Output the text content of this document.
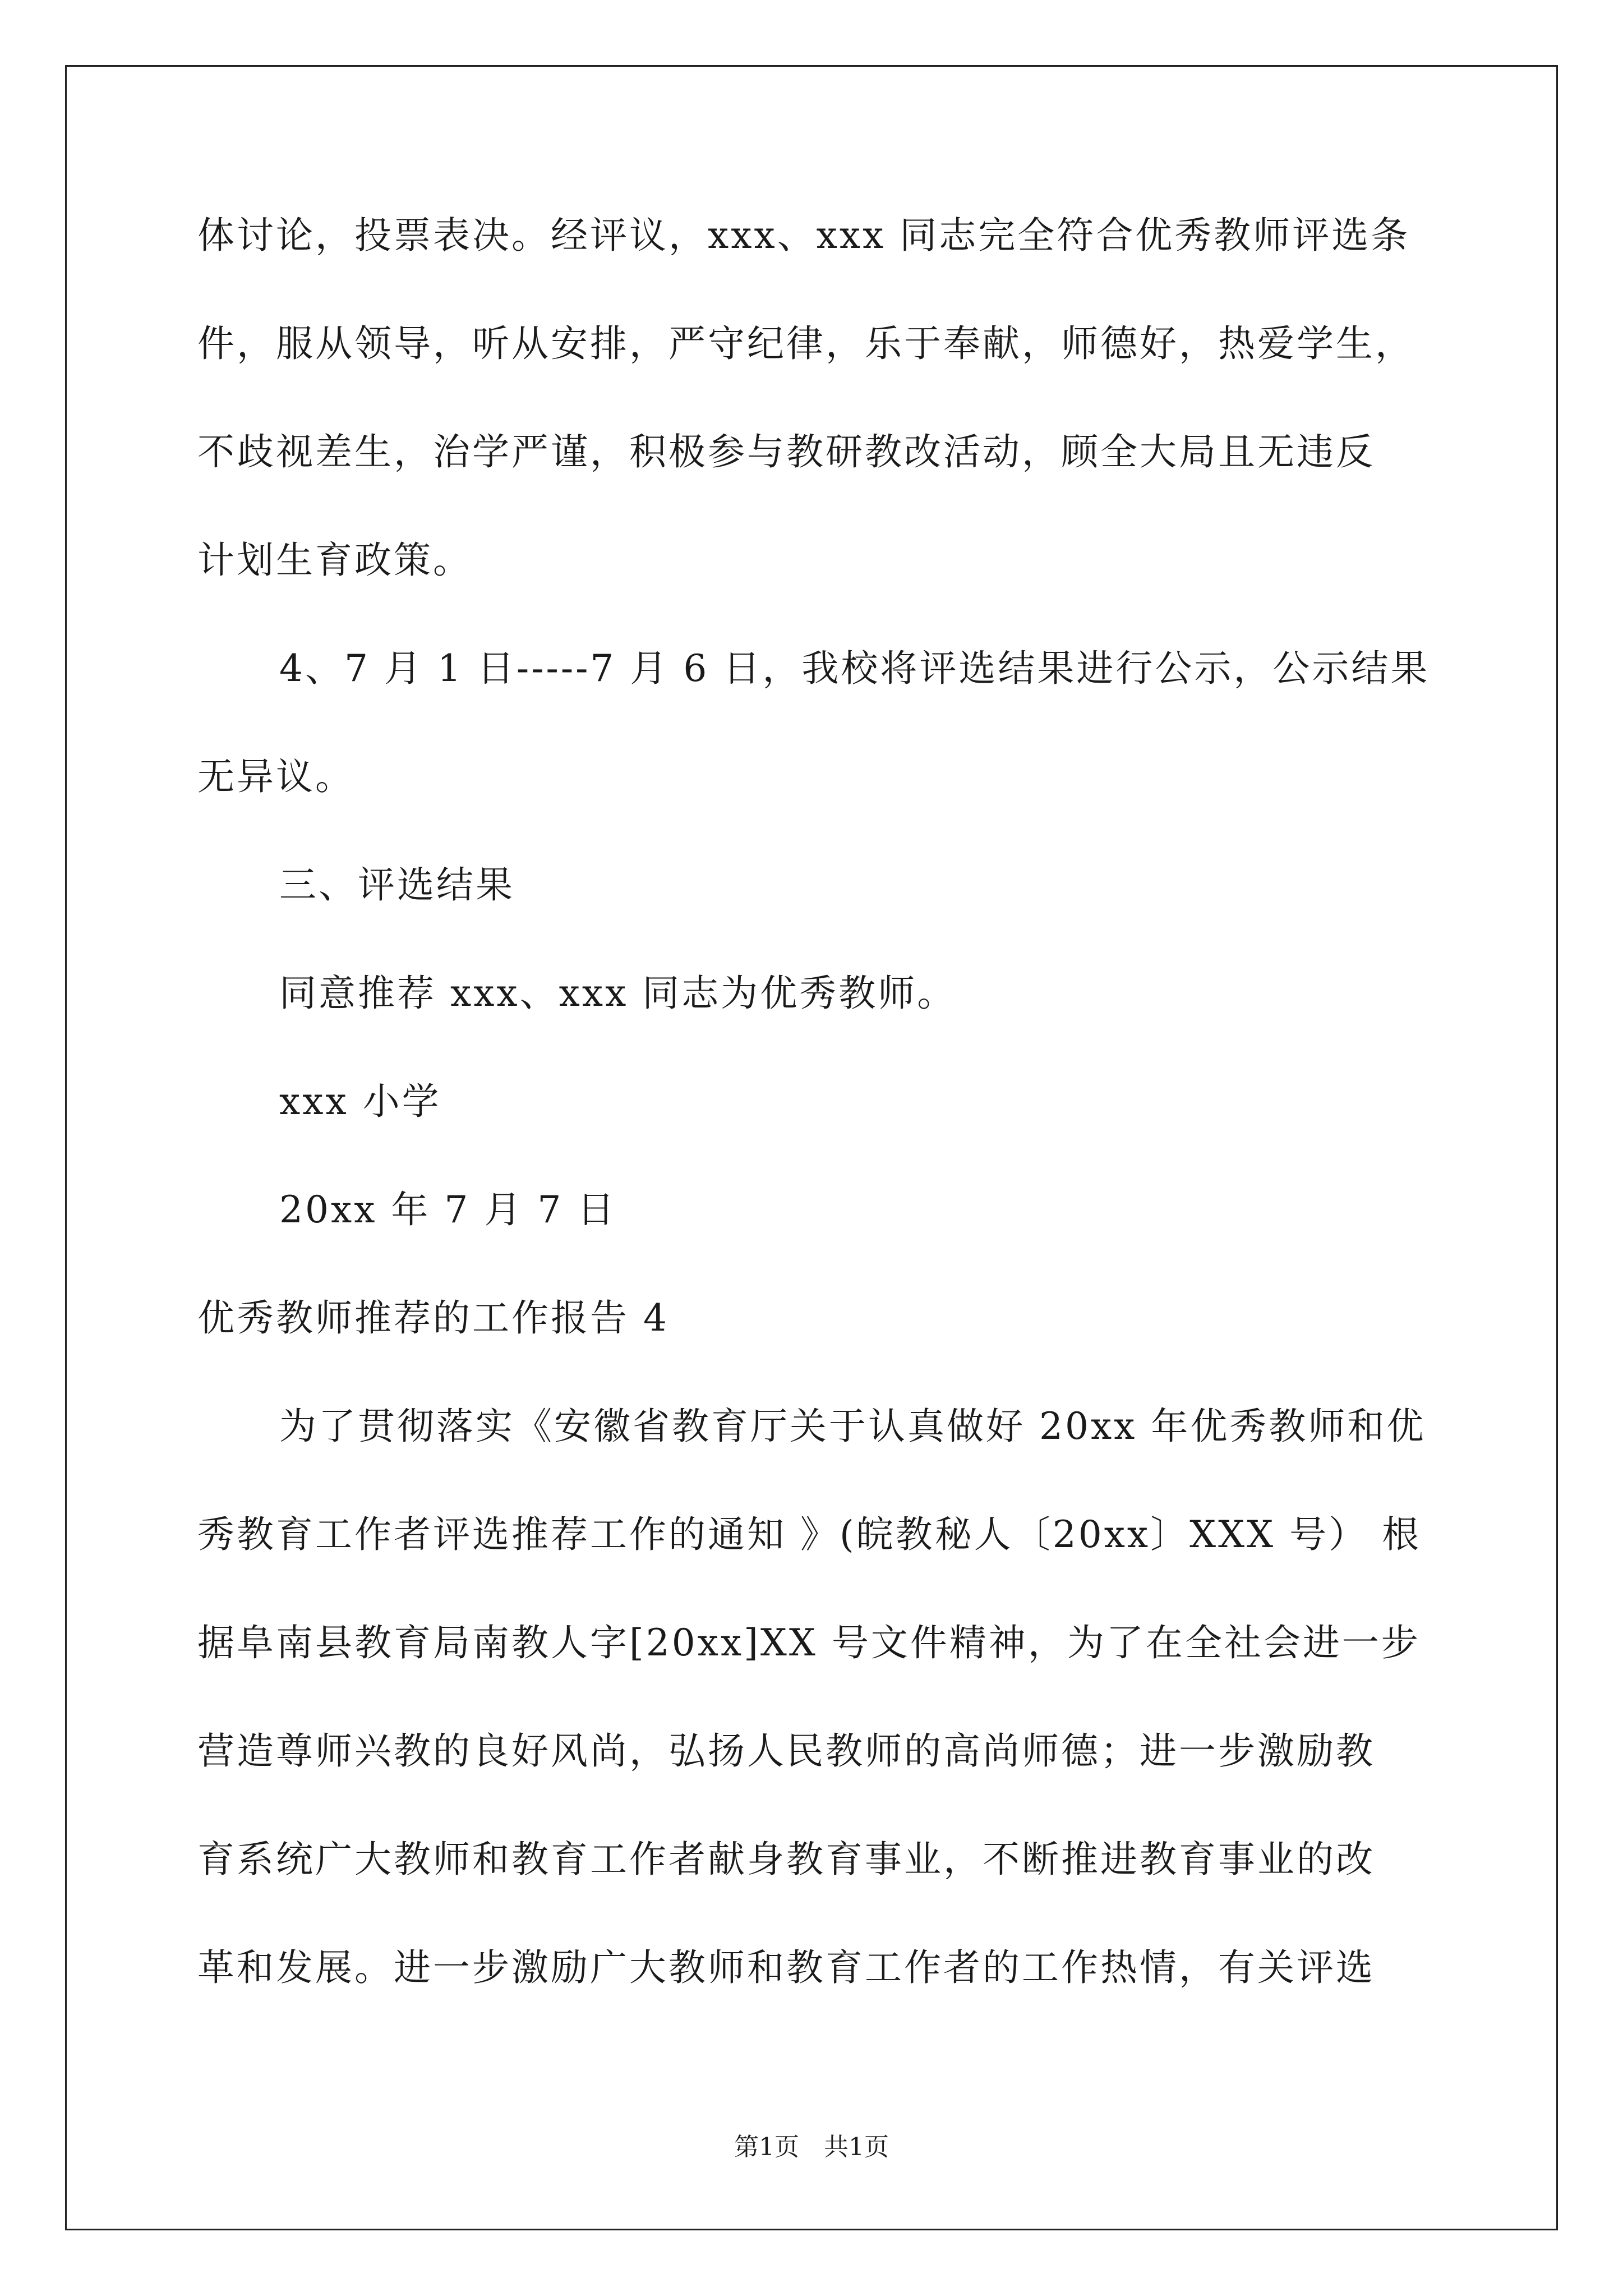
体讨论，投票表决。经评议，xxx、xxx 同志完全符合优秀教师评选条
件，服从领导，听从安排，严守纪律，乐于奉献，师德好，热爱学生，
不歧视差生，治学严谨，积极参与教研教改活动，顾全大局且无违反
计划生育政策。
4、7 月 1 日-----7 月 6 日，我校将评选结果进行公示，公示结果
无异议。
三、评选结果
同意推荐 xxx、xxx 同志为优秀教师。
xxx 小学
20xx 年 7 月 7 日
优秀教师推荐的工作报告 4
为了贯彻落实《安徽省教育厅关于认真做好 20xx 年优秀教师和优
秀教育工作者评选推荐工作的通知 》(皖教秘人〔20xx〕XXX 号） 根
据阜南县教育局南教人字[20xx]XX 号文件精神，为了在全社会进一步
营造尊师兴教的良好风尚，弘扬人民教师的高尚师德；进一步激励教
育系统广大教师和教育工作者献身教育事业，不断推进教育事业的改
革和发展。进一步激励广大教师和教育工作者的工作热情，有关评选
第1页　共1页
